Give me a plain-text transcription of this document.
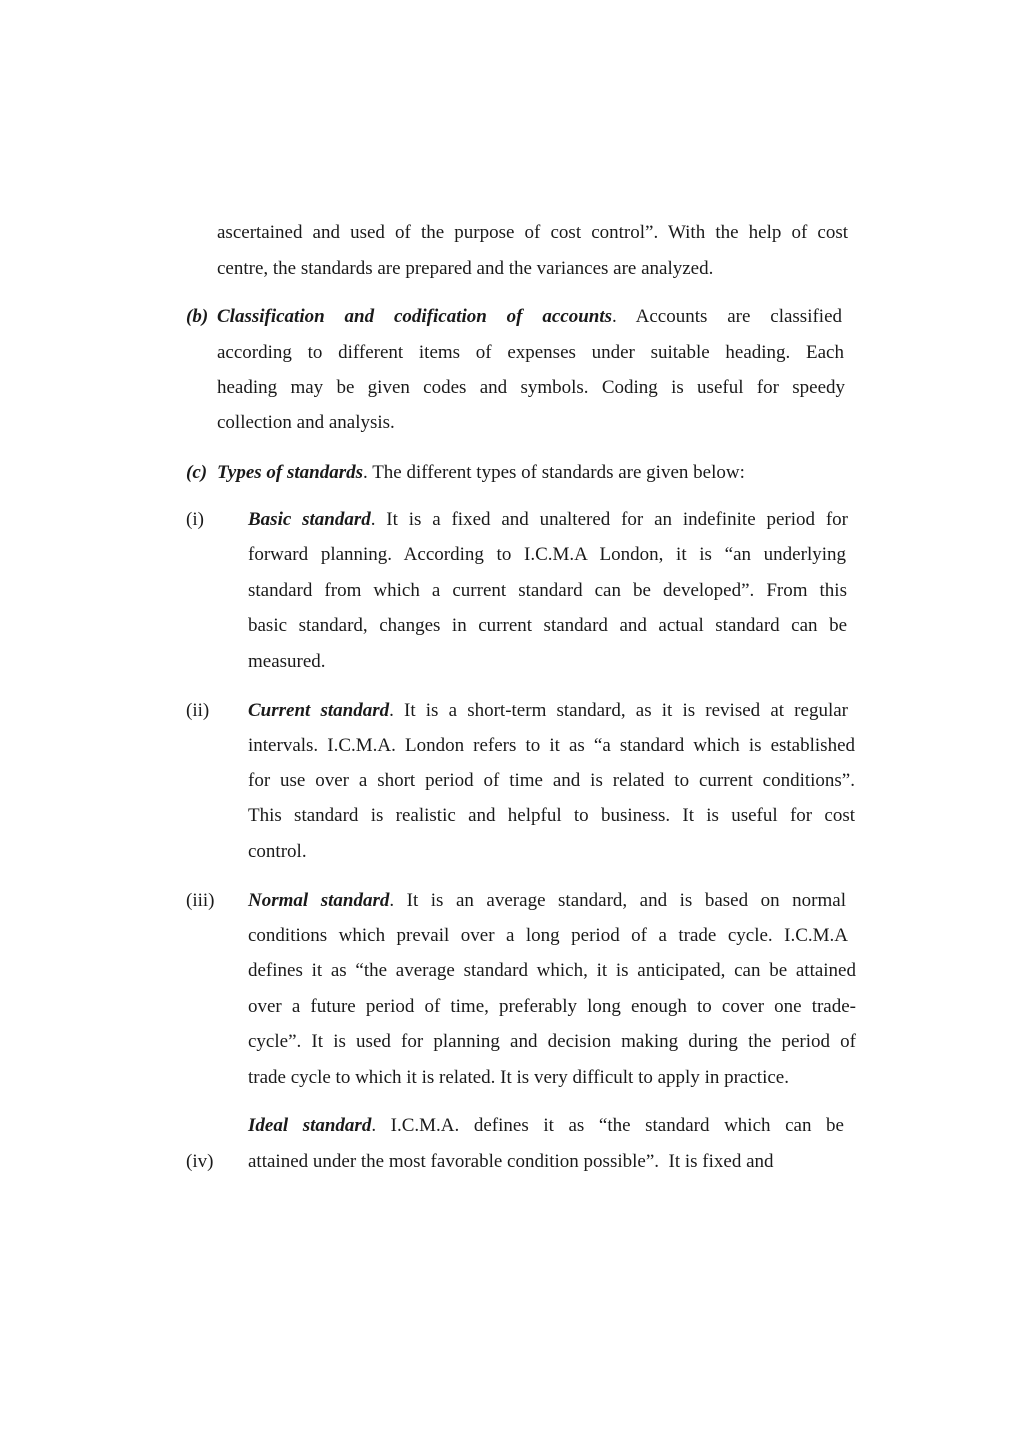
ascertained and used of the purpose of cost control”. With the help of cost
centre, the standards are prepared and the variances are analyzed.
(b) Classification and codification of accounts. Accounts are classified
according to different items of expenses under suitable heading. Each
heading may be given codes and symbols. Coding is useful for speedy
collection and analysis.
(c) Types of standards. The different types of standards are given below:
(i) Basic standard. It is a fixed and unaltered for an indefinite period for
forward planning. According to I.C.M.A London, it is “an underlying
standard from which a current standard can be developed”. From this
basic standard, changes in current standard and actual standard can be
measured.
(ii) Current standard. It is a short-term standard, as it is revised at regular
intervals. I.C.M.A. London refers to it as “a standard which is established
for use over a short period of time and is related to current conditions”.
This standard is realistic and helpful to business. It is useful for cost
control.
(iii) Normal standard. It is an average standard, and is based on normal
conditions which prevail over a long period of a trade cycle. I.C.M.A
defines it as “the average standard which, it is anticipated, can be attained
over a future period of time, preferably long enough to cover one trade-
cycle”. It is used for planning and decision making during the period of
trade cycle to which it is related. It is very difficult to apply in practice.
Ideal standard. I.C.M.A. defines it as “the standard which can be
(iv) attained under the most favorable condition possible”.  It is fixed and
